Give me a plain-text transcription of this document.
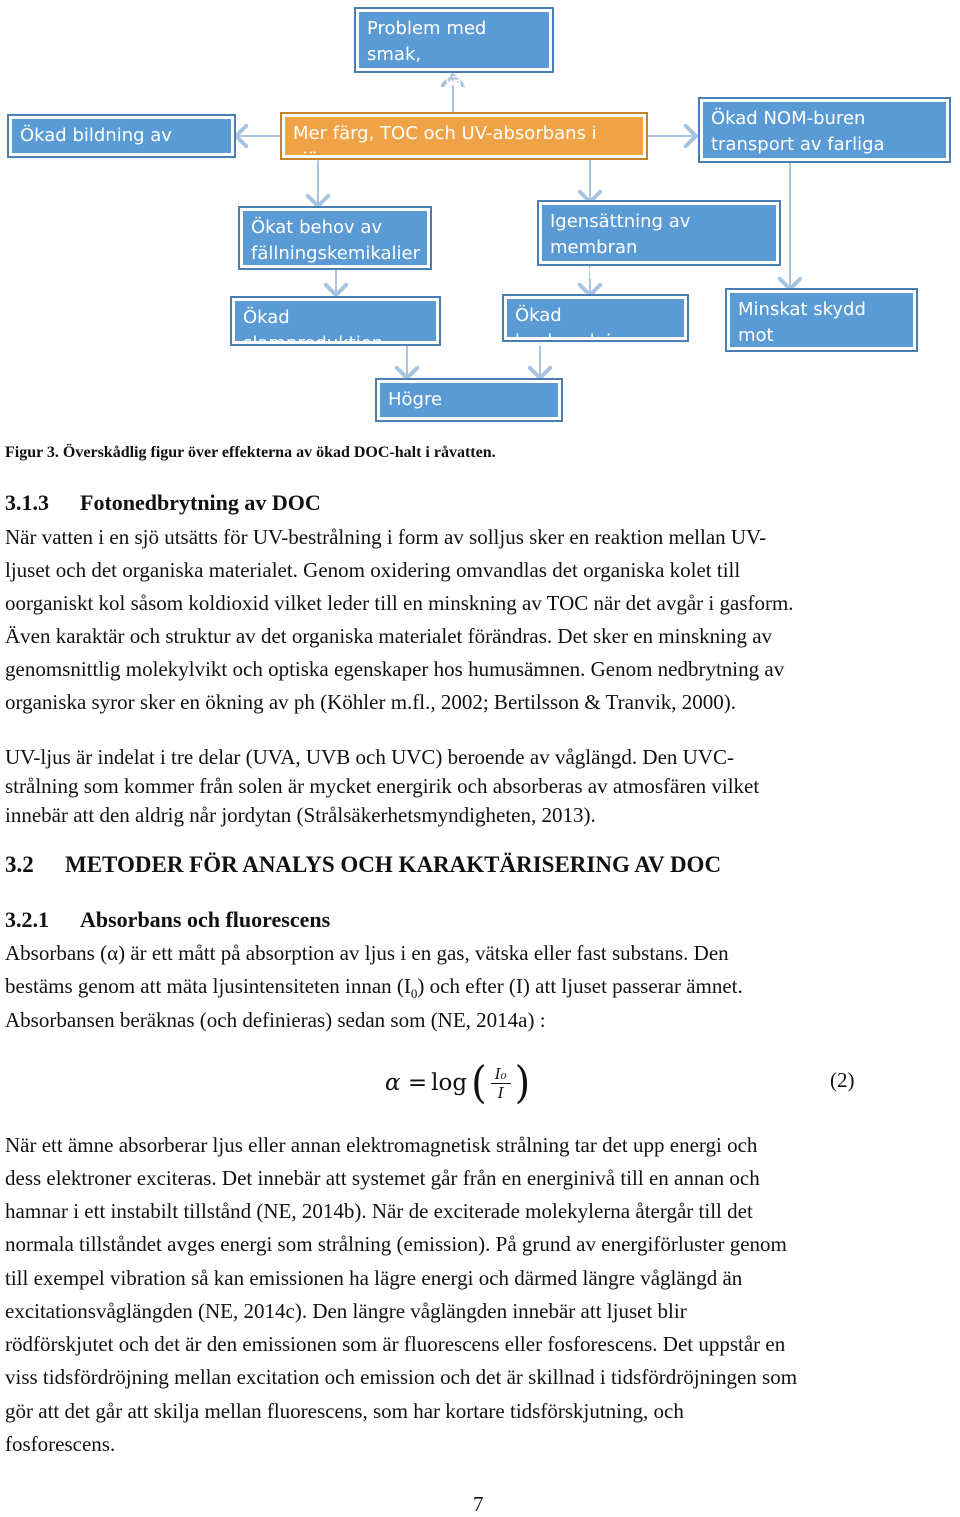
Problem med smak,
lukt och färg
Ökad bildning av DBP:s
Mer färg, TOC och UV-absorbans i sjöar
Ökad NOM-buren
transport av farliga ämnen
Ökat behov av
fällningskemikalier
Igensättning av membran
och filter
Ökad slamproduktion
Ökad backspolning
Minskat skydd mot
föroreningar
Högre driftkostnad
Figur 3. Överskådlig figur över effekterna av ökad DOC-halt i råvatten.
3.1.3 Fotonedbrytning av DOC
När vatten i en sjö utsätts för UV-bestrålning i form av solljus sker en reaktion mellan UV-
ljuset och det organiska materialet. Genom oxidering omvandlas det organiska kolet till
oorganiskt kol såsom koldioxid vilket leder till en minskning av TOC när det avgår i gasform.
Även karaktär och struktur av det organiska materialet förändras. Det sker en minskning av
genomsnittlig molekylvikt och optiska egenskaper hos humusämnen. Genom nedbrytning av
organiska syror sker en ökning av ph (Köhler m.fl., 2002; Bertilsson & Tranvik, 2000).
UV-ljus är indelat i tre delar (UVA, UVB och UVC) beroende av våglängd. Den UVC-
strålning som kommer från solen är mycket energirik och absorberas av atmosfären vilket
innebär att den aldrig når jordytan (Strålsäkerhetsmyndigheten, 2013).
3.2 METODER FÖR ANALYS OCH KARAKTÄRISERING AV DOC
3.2.1 Absorbans och fluorescens
Absorbans (α) är ett mått på absorption av ljus i en gas, vätska eller fast substans. Den
bestäms genom att mäta ljusintensiteten innan $(I_0)$ och efter (I) att ljuset passerar ämnet.
Absorbansen beräknas (och definieras) sedan som (NE, 2014a) :
α = log ( $\frac{\text{I₀}}{I}$ )	(2)
När ett ämne absorberar ljus eller annan elektromagnetisk strålning tar det upp energi och
dess elektroner exciteras. Det innebär att systemet går från en energinivå till en annan och
hamnar i ett instabilt tillstånd (NE, 2014b). När de exciterade molekylerna återgår till det
normala tillståndet avges energi som strålning (emission). På grund av energiförluster genom
till exempel vibration så kan emissionen ha lägre energi och därmed längre våglängd än
excitationsvåglängden (NE, 2014c). Den längre våglängden innebär att ljuset blir
rödförskjutet och det är den emissionen som är fluorescens eller fosforescens. Det uppstår en
viss tidsfördröjning mellan excitation och emission och det är skillnad i tidsfördröjningen som
gör att det går att skilja mellan fluorescens, som har kortare tidsförskjutning, och
fosforescens.
7
